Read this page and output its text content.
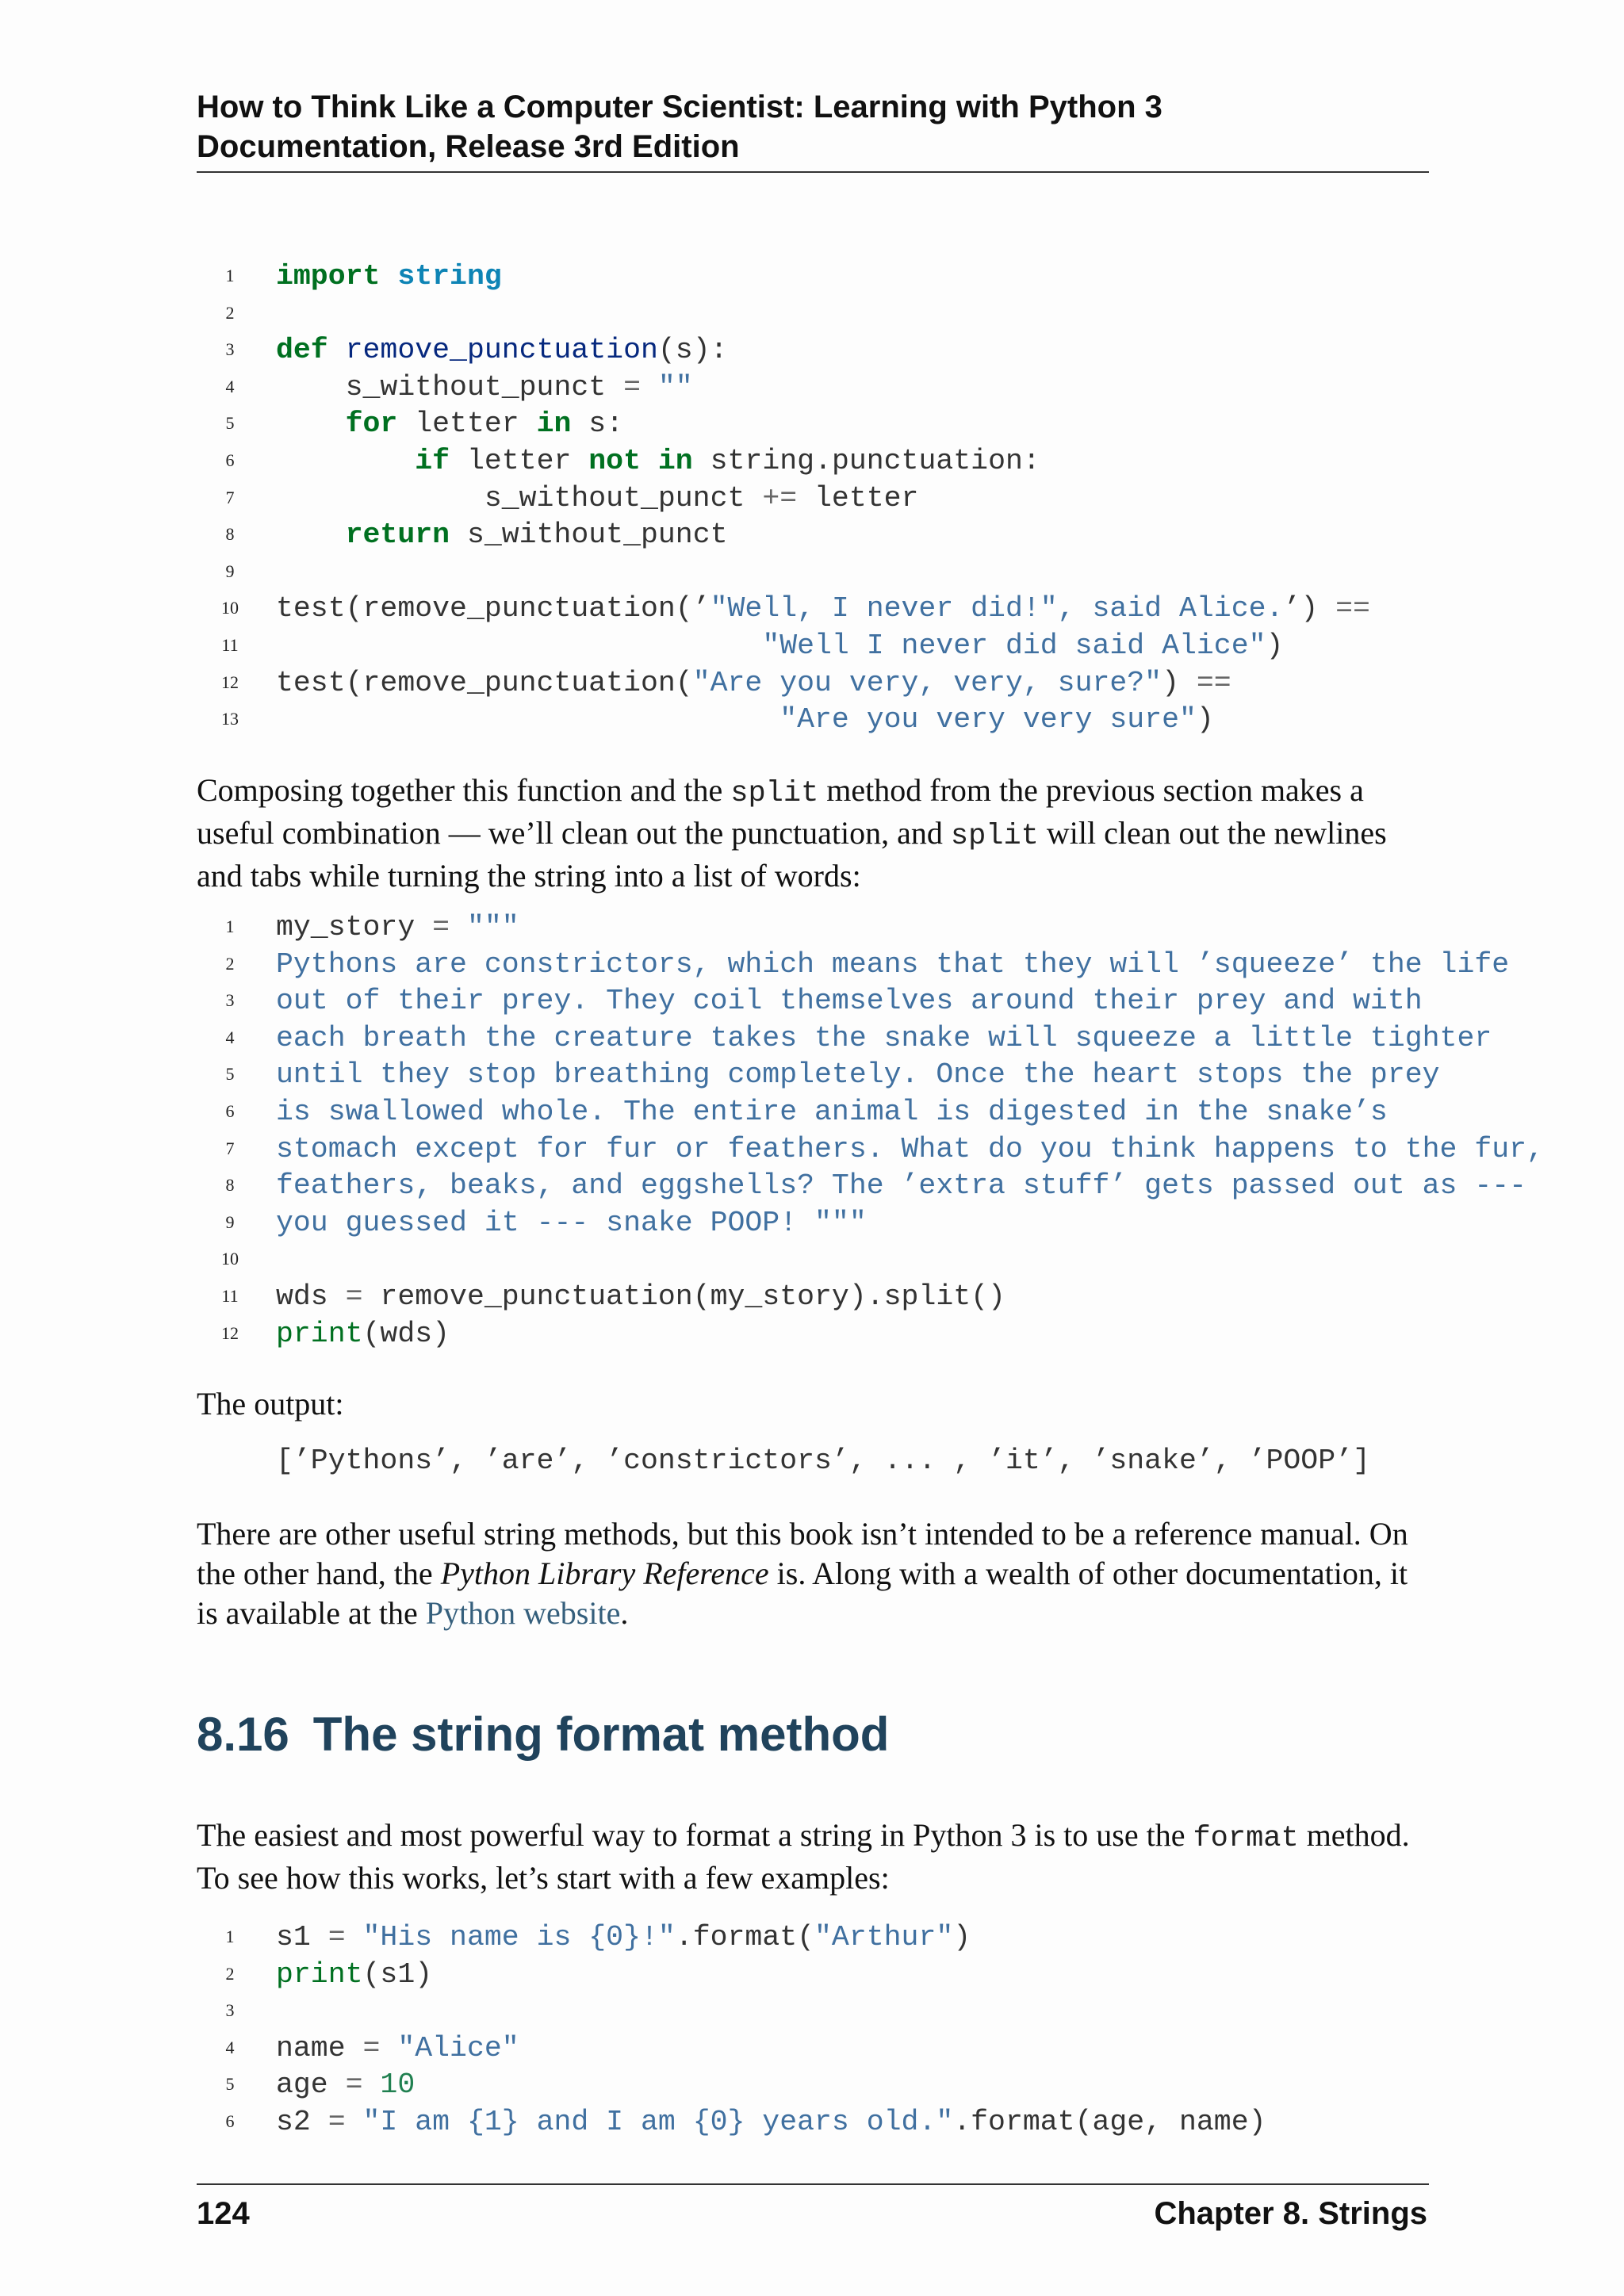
How to Think Like a Computer Scientist: Learning with Python 3
Documentation, Release 3rd Edition
1 import string
2
3 def remove_punctuation(s):
4    s_without_punct = ""
5	for letter in s:
6	if letter not in string.punctuation:
7            s_without_punct += letter
8	return s_without_punct
9
10 test(remove_punctuation(’"Well, I never did!", said Alice.’) ==
11	"Well I never did said Alice")
12 test(remove_punctuation("Are you very, very, sure?") ==
13	"Are you very very sure")
Composing together this function and the split method from the previous section makes a useful combination — we’ll clean out the punctuation, and split will clean out the newlines and tabs while turning the string into a list of words:
1 my_story = """
2 Pythons are constrictors, which means that they will ’squeeze’ the life
3 out of their prey. They coil themselves around their prey and with
4 each breath the creature takes the snake will squeeze a little tighter
5 until they stop breathing completely. Once the heart stops the prey
6 is swallowed whole. The entire animal is digested in the snake’s
7 stomach except for fur or feathers. What do you think happens to the fur,
8 feathers, beaks, and eggshells? The ’extra stuff’ gets passed out as ---
9 you guessed it --- snake POOP! """
10
11 wds = remove_punctuation(my_story).split()
12 print(wds)
The output:
[’Pythons’, ’are’, ’constrictors’, ... , ’it’, ’snake’, ’POOP’]
There are other useful string methods, but this book isn’t intended to be a reference manual. On the other hand, the Python Library Reference is. Along with a wealth of other documentation, it is available at the Python website.
8.16 The string format method
The easiest and most powerful way to format a string in Python 3 is to use the format method. To see how this works, let’s start with a few examples:
1 s1 = "His name is {0}!".format("Arthur")
2 print(s1)
3
4 name = "Alice"
5 age = 10
6 s2 = "I am {1} and I am {0} years old.".format(age, name)
124	Chapter 8. Strings
